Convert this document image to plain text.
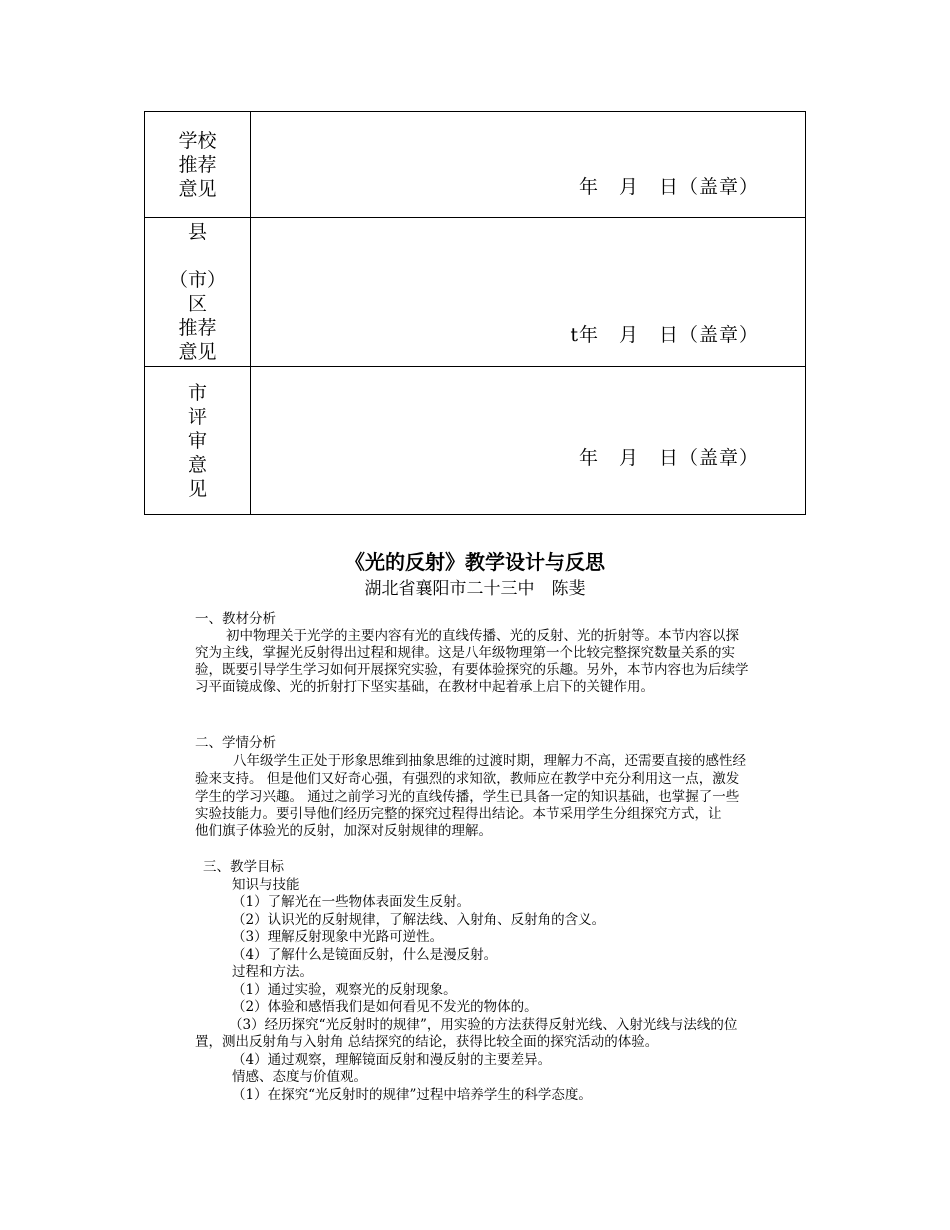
学校
推荐
意见	年　月　日（盖章）

县
（市）
区
推荐
意见	t年　月　日（盖章）

市
评
审
意
见	年　月　日（盖章）
《光的反射》教学设计与反思
湖北省襄阳市二十三中　陈斐
一、教材分析
初中物理关于光学的主要内容有光的直线传播、光的反射、光的折射等。本节内容以探
究为主线，掌握光反射得出过程和规律。这是八年级物理第一个比较完整探究数量关系的实
验，既要引导学生学习如何开展探究实验，有要体验探究的乐趣。另外，本节内容也为后续学
习平面镜成像、光的折射打下坚实基础，在教材中起着承上启下的关键作用。
二、学情分析
八年级学生正处于形象思维到抽象思维的过渡时期，理解力不高，还需要直接的感性经
验来支持。 但是他们又好奇心强，有强烈的求知欲，教师应在教学中充分利用这一点，激发
学生的学习兴趣。 通过之前学习光的直线传播，学生已具备一定的知识基础，也掌握了一些
实验技能力。要引导他们经历完整的探究过程得出结论。本节采用学生分组探究方式，让
他们旗子体验光的反射，加深对反射规律的理解。
三、教学目标
知识与技能
（1）了解光在一些物体表面发生反射。
（2）认识光的反射规律，了解法线、入射角、反射角的含义。
（3）理解反射现象中光路可逆性。
（4）了解什么是镜面反射，什么是漫反射。
过程和方法。
（1）通过实验，观察光的反射现象。
（2）体验和感悟我们是如何看见不发光的物体的。
（3）经历探究“光反射时的规律”，用实验的方法获得反射光线、入射光线与法线的位
置，测出反射角与入射角 总结探究的结论，获得比较全面的探究活动的体验。
（4）通过观察，理解镜面反射和漫反射的主要差异。
情感、态度与价值观。
（1）在探究“光反射时的规律”过程中培养学生的科学态度。
